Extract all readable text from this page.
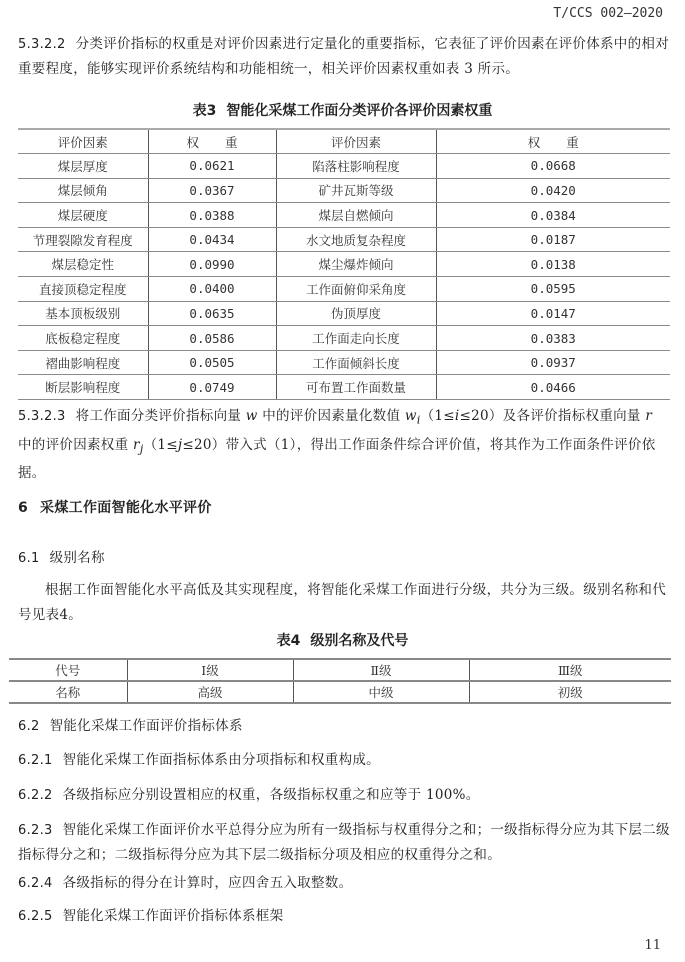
T/CCS 002—2020

5.3.2.2 分类评价指标的权重是对评价因素进行定量化的重要指标，它表征了评价因素在评价体系中的相对重要程度，能够实现评价系统结构和功能相统一，相关评价因素权重如表 3 所示。

表3 智能化采煤工作面分类评价各评价因素权重
评价因素	权 重	评价因素	权 重
煤层厚度	0.0621	陷落柱影响程度	0.0668
煤层倾角	0.0367	矿井瓦斯等级	0.0420
煤层硬度	0.0388	煤层自燃倾向	0.0384
节理裂隙发育程度	0.0434	水文地质复杂程度	0.0187
煤层稳定性	0.0990	煤尘爆炸倾向	0.0138
直接顶稳定程度	0.0400	工作面俯仰采角度	0.0595
基本顶板级别	0.0635	伪顶厚度	0.0147
底板稳定程度	0.0586	工作面走向长度	0.0383
褶曲影响程度	0.0505	工作面倾斜长度	0.0937
断层影响程度	0.0749	可布置工作面数量	0.0466

5.3.2.3 将工作面分类评价指标向量 w 中的评价因素量化数值 $w_i(1\le i\le 20)$及各评价指标权重向量 r 中的评价因素权重 $r_j(1\le j\le 20)$带入式（1），得出工作面条件综合评价值，将其作为工作面条件评价依据。

6 采煤工作面智能化水平评价

6.1 级别名称

根据工作面智能化水平高低及其实现程度，将智能化采煤工作面进行分级，共分为三级。级别名称和代号见表4。

表4 级别名称及代号
代号	Ⅰ级	Ⅱ级	Ⅲ级
名称	高级	中级	初级

6.2 智能化采煤工作面评价指标体系

6.2.1 智能化采煤工作面指标体系由分项指标和权重构成。

6.2.2 各级指标应分别设置相应的权重，各级指标权重之和应等于 100%。

6.2.3 智能化采煤工作面评价水平总得分应为所有一级指标与权重得分之和；一级指标得分应为其下层二级指标得分之和；二级指标得分应为其下层二级指标分项及相应的权重得分之和。

6.2.4 各级指标的得分在计算时，应四舍五入取整数。

6.2.5 智能化采煤工作面评价指标体系框架

11
